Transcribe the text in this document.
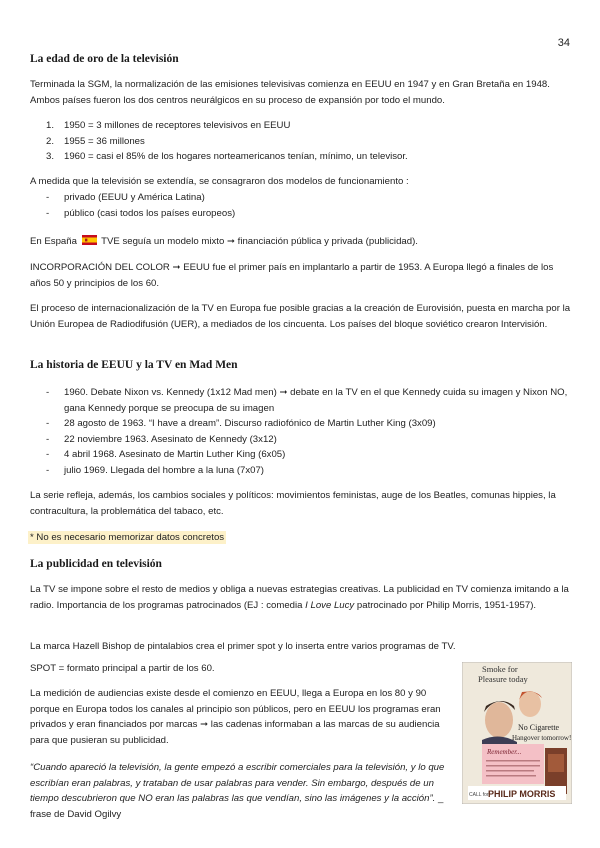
34
La edad de oro de la televisión
Terminada la SGM, la normalización de las emisiones televisivas comienza en EEUU en 1947 y en Gran Bretaña en 1948. Ambos países fueron los dos centros neurálgicos en su proceso de expansión por todo el mundo.
1. 1950 = 3 millones de receptores televisivos en EEUU
2. 1955 = 36 millones
3. 1960 = casi el 85% de los hogares norteamericanos tenían, mínimo, un televisor.
A medida que la televisión se extendía, se consagraron dos modelos de funcionamiento :
- privado (EEUU y América Latina)
- público (casi todos los países europeos)
En España	TVE seguía un modelo mixto ➞ financiación pública y privada (publicidad).
INCORPORACIÓN DEL COLOR ➞ EEUU fue el primer país en implantarlo a partir de 1953. A Europa llegó a finales de los años 50 y principios de los 60.
El proceso de internacionalización de la TV en Europa fue posible gracias a la creación de Eurovisión, puesta en marcha por la Unión Europea de Radiodifusión (UER), a mediados de los cincuenta. Los países del bloque soviético crearon Intervisión.
La historia de EEUU y la TV en Mad Men
- 1960. Debate Nixon vs. Kennedy (1x12 Mad men) ➞ debate en la TV en el que Kennedy cuida su imagen y Nixon NO, gana Kennedy porque se preocupa de su imagen
- 28 agosto de 1963. “I have a dream”. Discurso radiofónico de Martin Luther King (3x09)
- 22 noviembre 1963. Asesinato de Kennedy (3x12)
- 4 abril 1968. Asesinato de Martin Luther King (6x05)
- julio 1969. Llegada del hombre a la luna (7x07)
La serie refleja, además, los cambios sociales y políticos: movimientos feministas, auge de los Beatles, comunas hippies, la contracultura, la problemática del tabaco, etc.
* No es necesario memorizar datos concretos
La publicidad en televisión
La TV se impone sobre el resto de medios y obliga a nuevas estrategias creativas. La publicidad en TV comienza imitando a la radio. Importancia de los programas patrocinados (EJ : comedia I Love Lucy patrocinado por Philip Morris, 1951-1957).
La marca Hazell Bishop de pintalabios crea el primer spot y lo inserta entre varios programas de TV.
SPOT = formato principal a partir de los 60.
La medición de audiencias existe desde el comienzo en EEUU, llega a Europa en los 80 y 90 porque en Europa todos los canales al principio son públicos, pero en EEUU los programas eran privados y eran financiados por marcas ➞ las cadenas informaban a las marcas de su audiencia para que pusieran su publicidad.
“Cuando apareció la televisión, la gente empezó a escribir comerciales para la televisión, y lo que escribían eran palabras, y trataban de usar palabras para vender. Sin embargo, después de un tiempo descubrieron que NO eran las palabras las que vendían, sino las imágenes y la acción”. _ frase de David Ogilvy
Smoke for
Pleasure today
No Cigarette
Hangover tomorrow!
Remember...
CALL for PHILIP MORRIS
